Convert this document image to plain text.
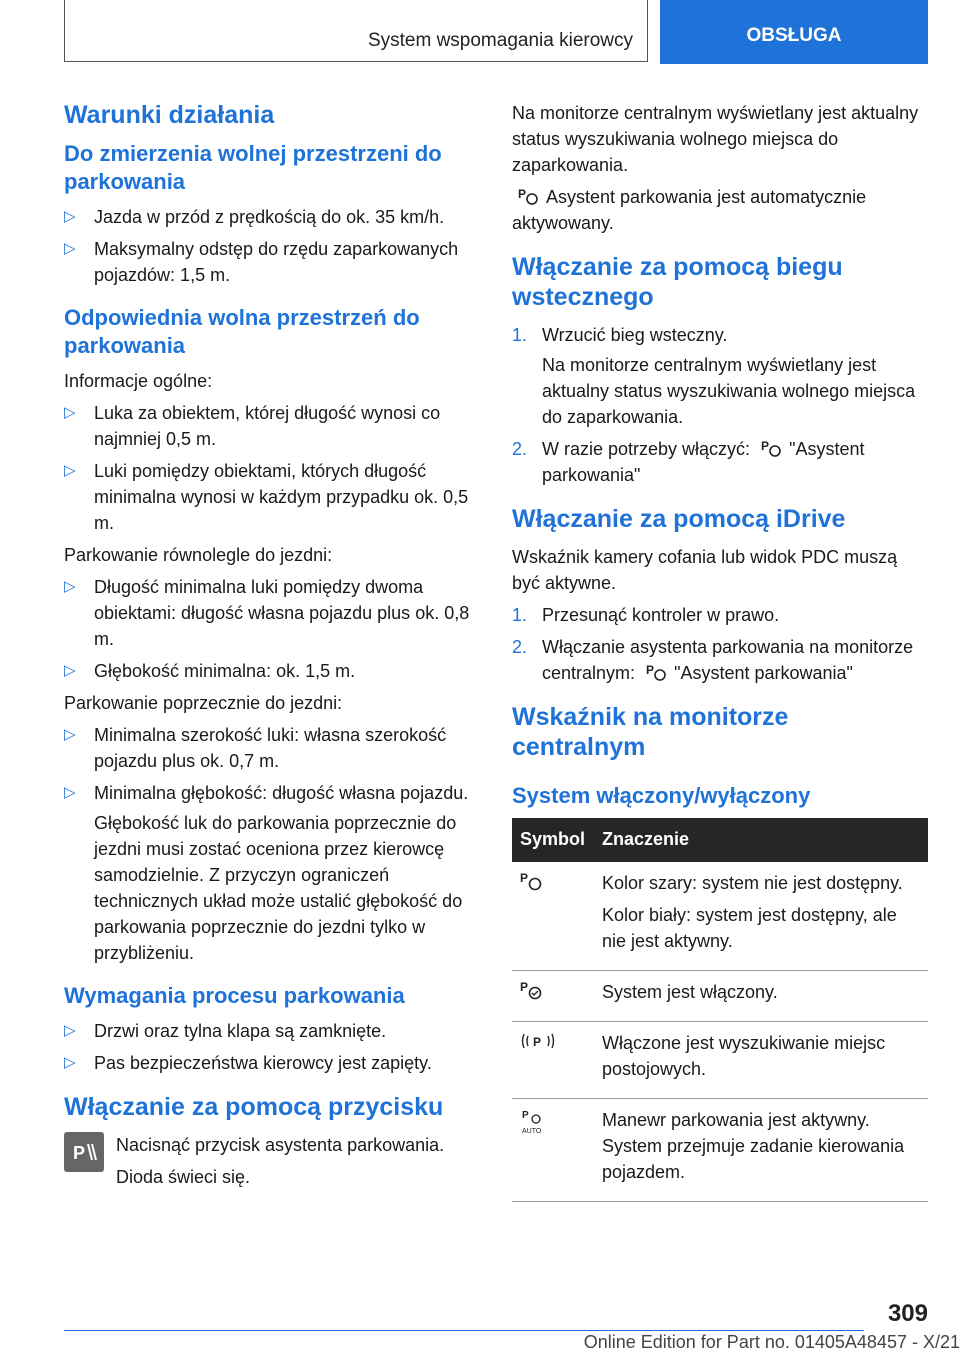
System wspomagania kierowcy	OBSŁUGA
Warunki działania
Do zmierzenia wolnej przestrzeni do parkowania
▷ Jazda w przód z prędkością do ok. 35 km/h.
▷ Maksymalny odstęp do rzędu zaparkowanych pojazdów: 1,5 m.
Odpowiednia wolna przestrzeń do parkowania
Informacje ogólne:
▷ Luka za obiektem, której długość wynosi co najmniej 0,5 m.
▷ Luki pomiędzy obiektami, których długość minimalna wynosi w każdym przypadku ok. 0,5 m.
Parkowanie równolegle do jezdni:
▷ Długość minimalna luki pomiędzy dwoma obiektami: długość własna pojazdu plus ok. 0,8 m.
▷ Głębokość minimalna: ok. 1,5 m.
Parkowanie poprzecznie do jezdni:
▷ Minimalna szerokość luki: własna szerokość pojazdu plus ok. 0,7 m.
▷ Minimalna głębokość: długość własna pojazdu.
Głębokość luk do parkowania poprzecznie do jezdni musi zostać oceniona przez kierowcę samodzielnie. Z przyczyn ograniczeń technicznych układ może ustalić głębokość do parkowania poprzecznie do jezdni tylko w przybliżeniu.
Wymagania procesu parkowania
▷ Drzwi oraz tylna klapa są zamknięte.
▷ Pas bezpieczeństwa kierowcy jest zapięty.
Włączanie za pomocą przycisku
P Nacisnąć przycisk asystenta parkowania.
Dioda świeci się.
Na monitorze centralnym wyświetlany jest aktualny status wyszukiwania wolnego miejsca do zaparkowania.
P Asystent parkowania jest automatycznie aktywowany.
Włączanie za pomocą biegu wstecznego
1. Wrzucić bieg wsteczny.
Na monitorze centralnym wyświetlany jest aktualny status wyszukiwania wolnego miejsca do zaparkowania.
2. W razie potrzeby włączyć: P "Asystent parkowania"
Włączanie za pomocą iDrive
Wskaźnik kamery cofania lub widok PDC muszą być aktywne.
1. Przesunąć kontroler w prawo.
2. Włączanie asystenta parkowania na monitorze centralnym: P "Asystent parkowania"
Wskaźnik na monitorze centralnym
System włączony/wyłączony
Symbol	Znaczenie

P	Kolor szary: system nie jest dostępny.

Kolor biały: system jest dostępny, ale nie jest aktywny.

P	System jest włączony.

P	Włączone jest wyszukiwanie miejsc postojowych.

P
AUTO	Manewr parkowania jest aktywny. System przejmuje zadanie kierowania pojazdem.

309
Online Edition for Part no. 01405A48457 - X/21
